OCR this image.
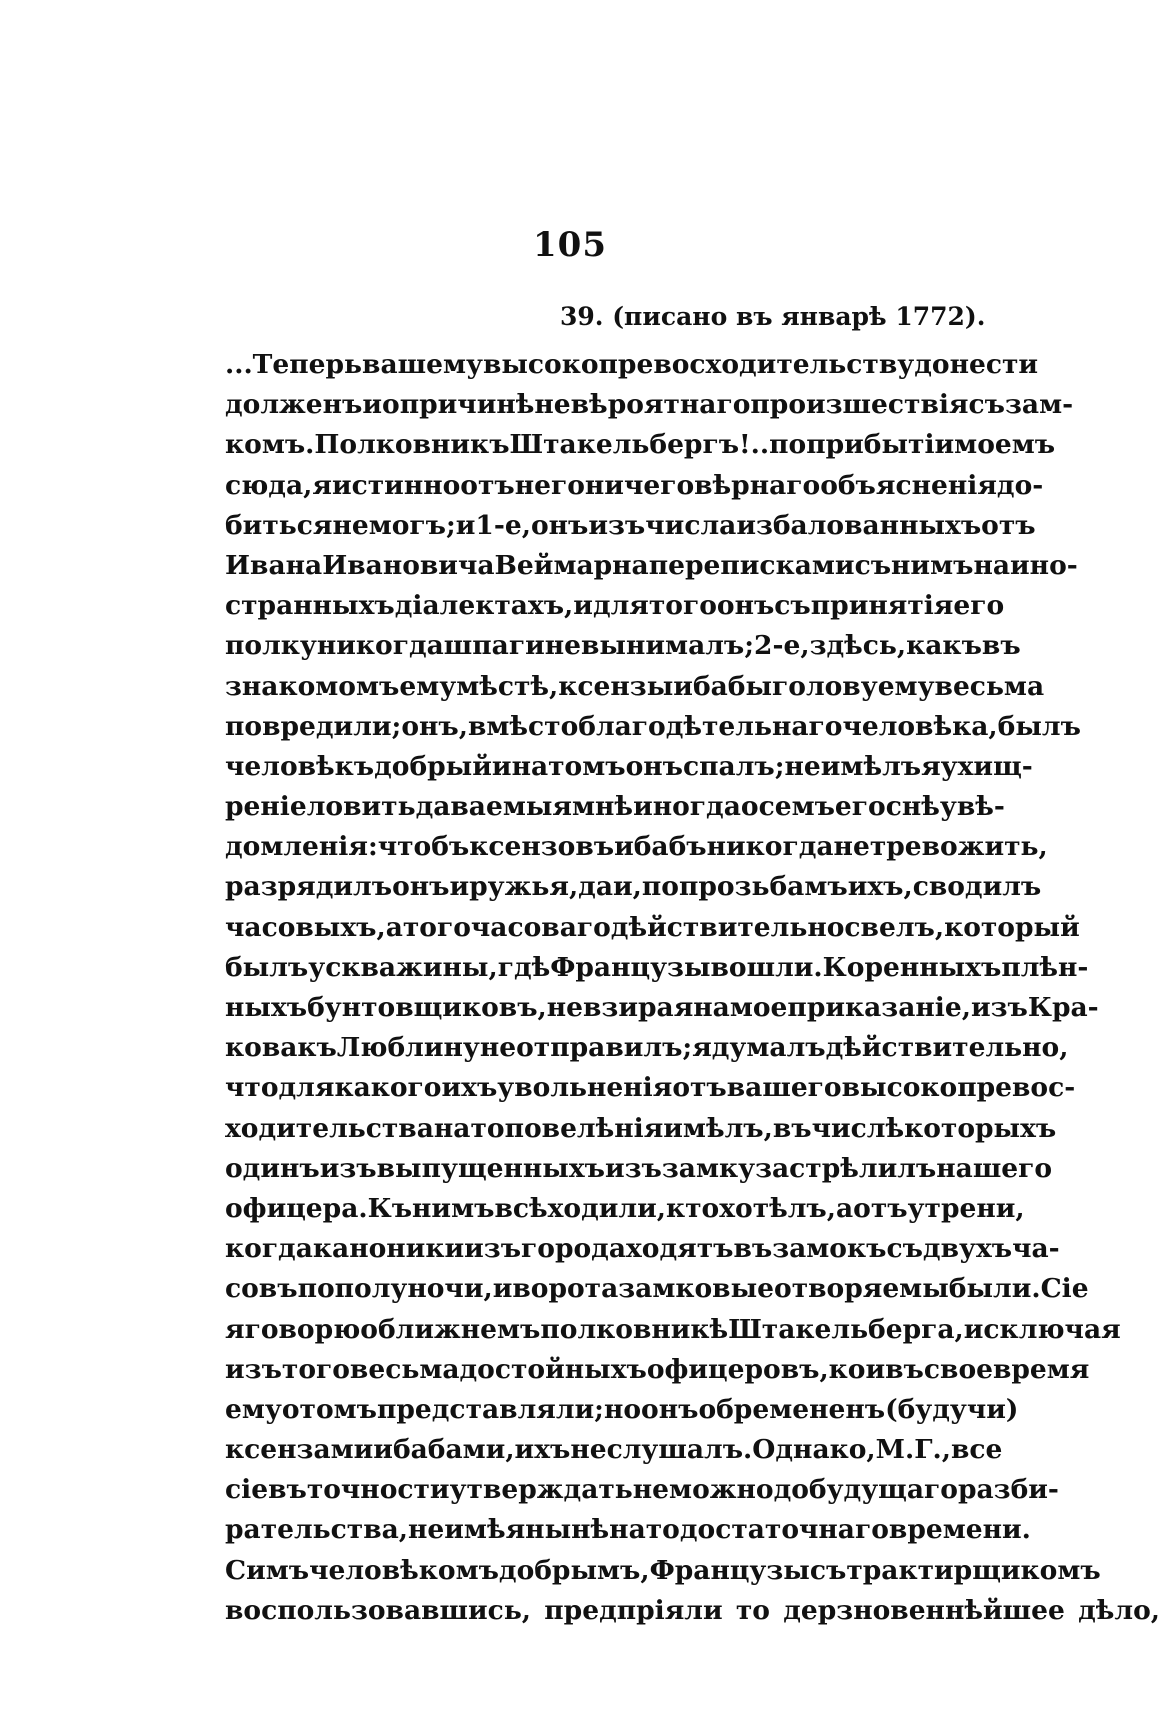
105
39. (писано въ январѣ 1772).
...Теперь вашему высокопревосходительству донести
долженъ и о причинѣ невѣроятнаго произшествія съ зам-
комъ. Полковникъ Штакельбергъ!.. по прибытіи моемъ
сюда, я истинно отъ него ничего вѣрнаго объясненія до-
биться не могъ; и 1-е, онъ изъ числа избалованныхъ отъ
Ивана Ивановича Веймарна переписками съ нимъ на ино-
странныхъ діалектахъ, и для того онъ съ принятія его
полку никогда шпаги не вынималъ; 2-е, здѣсь, какъ въ
знакомомъ ему мѣстѣ, ксензы и бабы голову ему весьма
повредили; онъ, вмѣсто благодѣтельнаго человѣка, былъ
человѣкъ добрый и на томъ онъ спалъ; не имѣлъ я ухищ-
реніе ловить даваемыя мнѣ иногда о семъ его снѣ увѣ-
домленія: чтобъ ксензовъ и бабъ никогда не тревожить,
разрядилъ онъ и ружья, да и, по прозьбамъ ихъ, сводилъ
часовыхъ, а того часоваго дѣйствительно свелъ, который
былъ у скважины, гдѣ Французы вошли. Коренныхъ плѣн-
ныхъ бунтовщиковъ, не взирая на мое приказаніе, изъ Кра-
кова къ Люблину не отправилъ; я думалъ дѣйствительно,
что для какого ихъ увольненія отъ вашего высокопревос-
ходительства на то повелѣнія имѣлъ, въ числѣ которыхъ
одинъ изъ выпущенныхъ изъ замку застрѣлилъ нашего
офицера. Къ нимъ всѣ ходили, кто хотѣлъ, а отъ утрени,
когда каноники изъ города ходятъ въ замокъ съ двухъ ча-
совъ по полуночи, и ворота замковые отворяемы были. Сіе
я говорю о ближнемъ полковникѣ Штакельберга, исключая
изъ того весьма достойныхъ офицеровъ, кои въ свое время
ему о томъ представляли; но онъ обремененъ (будучи)
ксензами и бабами, ихъ не слушалъ. Однако, М. Г., все
сіе въ точности утверждать не можно до будущаго разби-
рательства, не имѣя нынѣ на то достаточнаго времени.
Симъ человѣкомъ добрымъ, Французы съ трактирщикомъ
воспользовавшись, предпріяли то дерзновеннѣйшее дѣло,
